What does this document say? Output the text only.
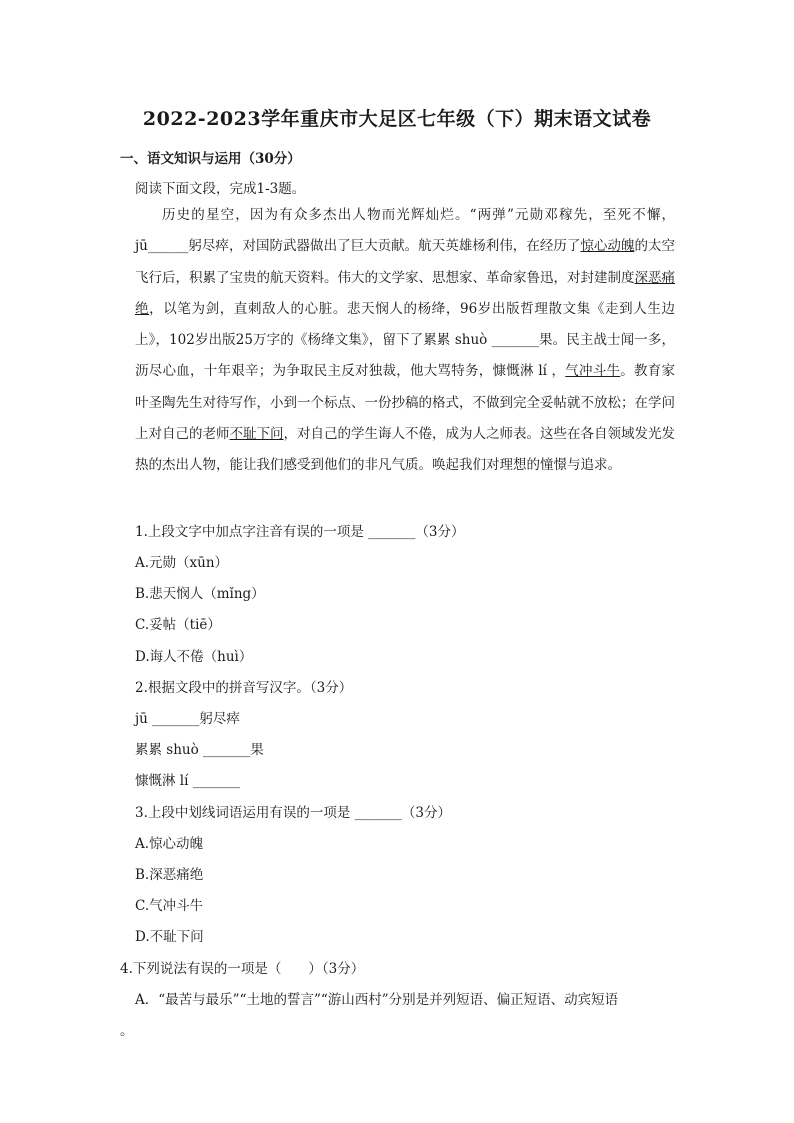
2022-2023学年重庆市大足区七年级（下）期末语文试卷
一、语文知识与运用（30分）
阅读下面文段，完成1-3题。

历史的星空，因为有众多杰出人物而光辉灿烂。“两弹”元勋邓稼先，至死不懈，jū______躬尽瘁，对国防武器做出了巨大贡献。航天英雄杨利伟，在经历了惊心动魄的太空飞行后，积累了宝贵的航天资料。伟大的文学家、思想家、革命家鲁迅，对封建制度深恶痛绝，以笔为剑，直刺敌人的心脏。悲天悯人的杨绛，96岁出版哲理散文集《走到人生边上》，102岁出版25万字的《杨绛文集》，留下了累累 shuò _______果。民主战士闻一多，沥尽心血，十年艰辛；为争取民主反对独裁，他大骂特务，慷慨淋 lí ，气冲斗牛。教育家叶圣陶先生对待写作，小到一个标点、一份抄稿的格式，不做到完全妥帖就不放松；在学问上对自己的老师不耻下问，对自己的学生诲人不倦，成为人之师表。这些在各自领域发光发热的杰出人物，能让我们感受到他们的非凡气质。唤起我们对理想的憧憬与追求。

1.上段文字中加点字注音有误的一项是 _______（3分）
A.元勋（xūn）
B.悲天悯人（mǐng）
C.妥帖（tiē）
D.诲人不倦（huì）
2.根据文段中的拼音写汉字。（3分）
jū _______躬尽瘁
累累 shuò _______果
慷慨淋 lí _______
3.上段中划线词语运用有误的一项是 _______（3分）
A.惊心动魄
B.深恶痛绝
C.气冲斗牛
D.不耻下问
4.下列说法有误的一项是（　　）（3分）
A．“最苦与最乐”“土地的誓言”“游山西村”分别是并列短语、偏正短语、动宾短语
。
